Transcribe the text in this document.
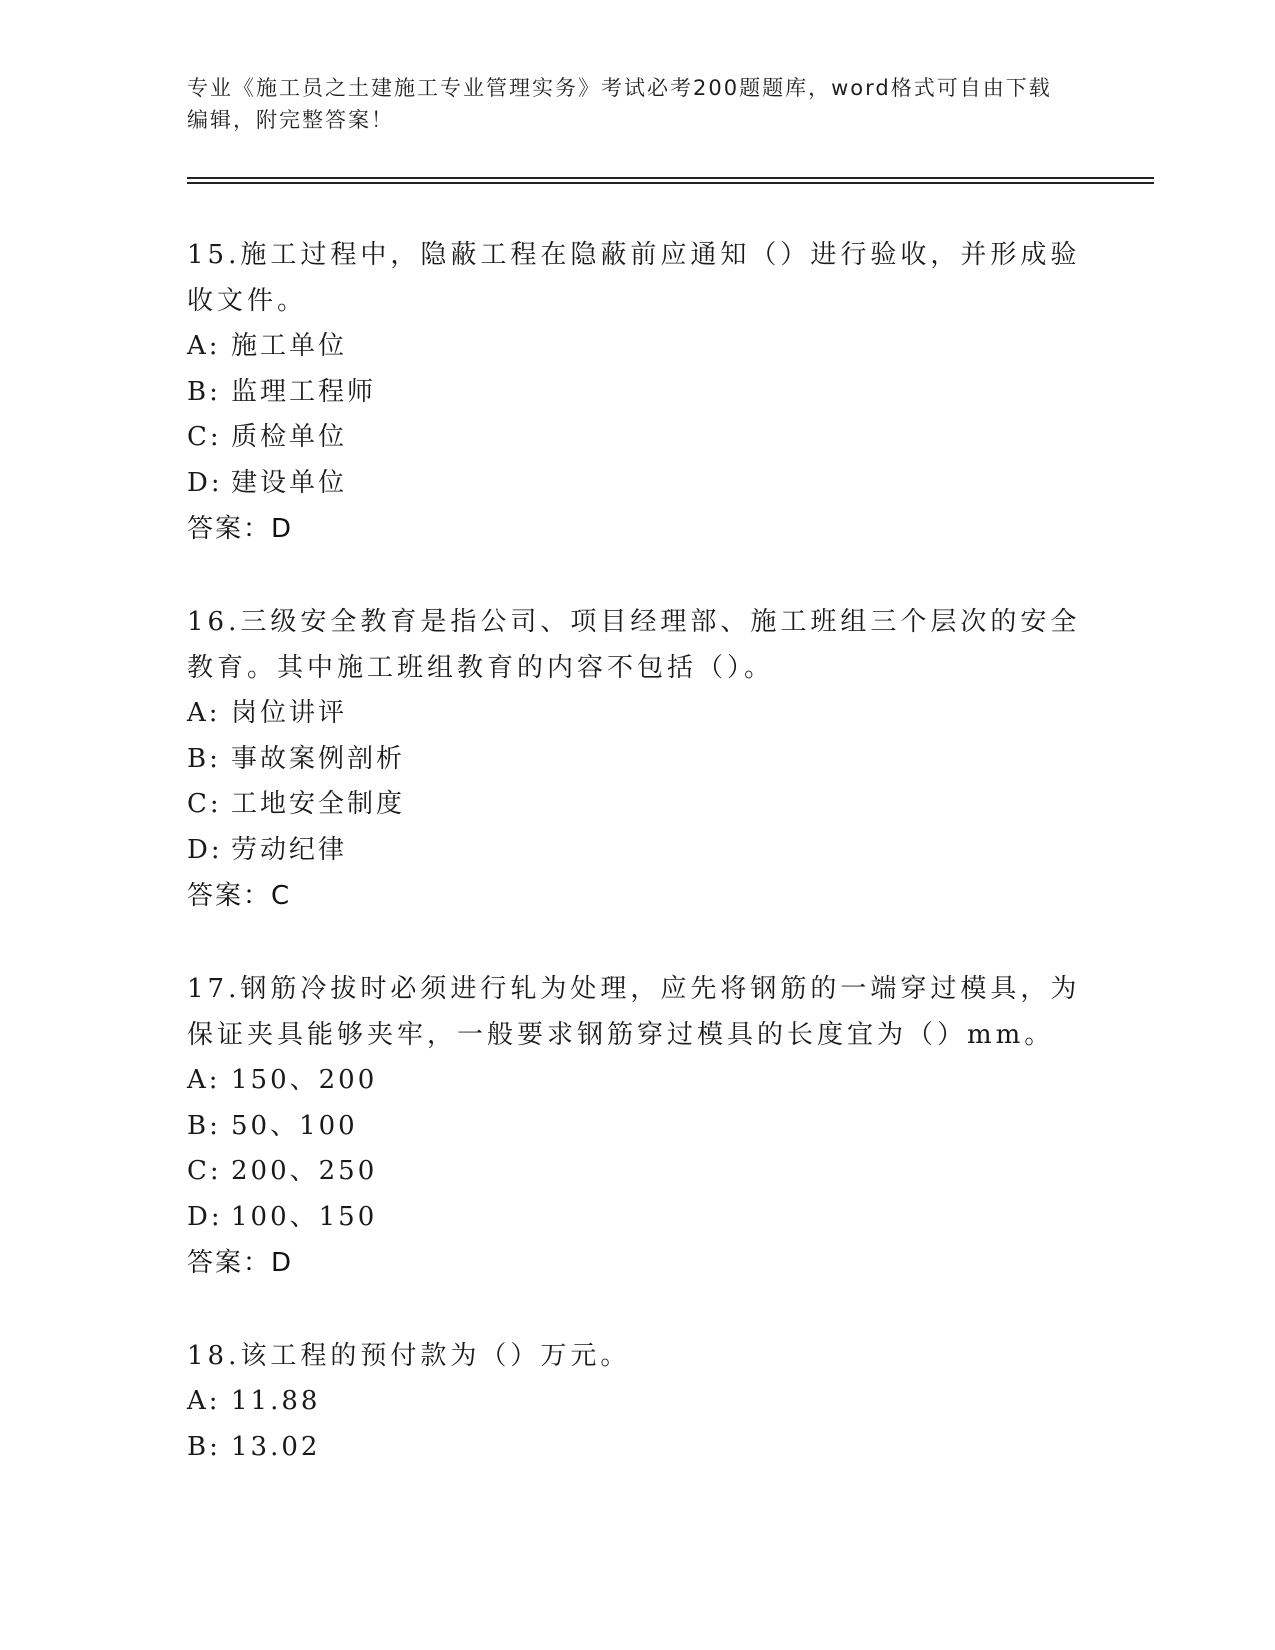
专业《施工员之土建施工专业管理实务》考试必考200题题库，word格式可自由下载编辑，附完整答案！
15.施工过程中，隐蔽工程在隐蔽前应通知（）进行验收，并形成验收文件。
A: 施工单位
B: 监理工程师
C: 质检单位
D: 建设单位
答案：D
16.三级安全教育是指公司、项目经理部、施工班组三个层次的安全教育。其中施工班组教育的内容不包括（）。
A: 岗位讲评
B: 事故案例剖析
C: 工地安全制度
D: 劳动纪律
答案：C
17.钢筋冷拔时必须进行轧为处理，应先将钢筋的一端穿过模具，为保证夹具能够夹牢，一般要求钢筋穿过模具的长度宜为（）mm。
A: 150、200
B: 50、100
C: 200、250
D: 100、150
答案：D
18.该工程的预付款为（）万元。
A: 11.88
B: 13.02
